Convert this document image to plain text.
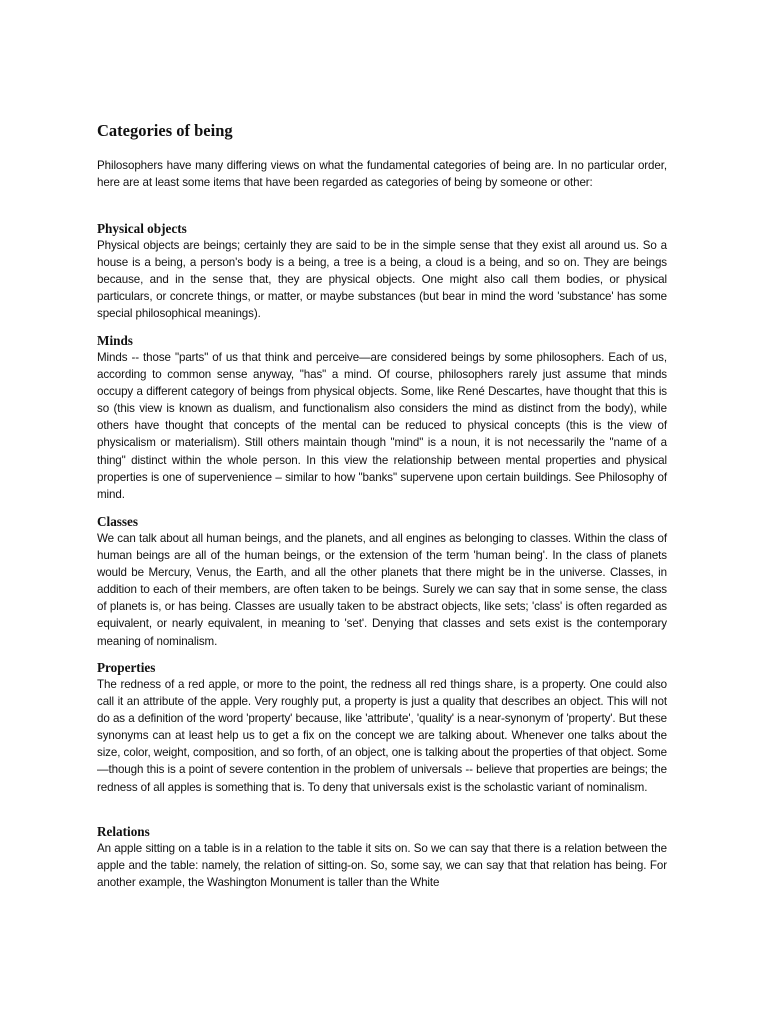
Categories of being

Philosophers have many differing views on what the fundamental categories of being are. In no particular order, here are at least some items that have been regarded as categories of being by someone or other:

Physical objects

Physical objects are beings; certainly they are said to be in the simple sense that they exist all around us. So a house is a being, a person's body is a being, a tree is a being, a cloud is a being, and so on. They are beings because, and in the sense that, they are physical objects. One might also call them bodies, or physical particulars, or concrete things, or matter, or maybe substances (but bear in mind the word 'substance' has some special philosophical meanings).

Minds

Minds -- those "parts" of us that think and perceive—are considered beings by some philosophers. Each of us, according to common sense anyway, "has" a mind. Of course, philosophers rarely just assume that minds occupy a different category of beings from physical objects. Some, like René Descartes, have thought that this is so (this view is known as dualism, and functionalism also considers the mind as distinct from the body), while others have thought that concepts of the mental can be reduced to physical concepts (this is the view of physicalism or materialism). Still others maintain though "mind" is a noun, it is not necessarily the "name of a thing" distinct within the whole person. In this view the relationship between mental properties and physical properties is one of supervenience – similar to how "banks" supervene upon certain buildings. See Philosophy of mind.

Classes

We can talk about all human beings, and the planets, and all engines as belonging to classes. Within the class of human beings are all of the human beings, or the extension of the term 'human being'. In the class of planets would be Mercury, Venus, the Earth, and all the other planets that there might be in the universe. Classes, in addition to each of their members, are often taken to be beings. Surely we can say that in some sense, the class of planets is, or has being. Classes are usually taken to be abstract objects, like sets; 'class' is often regarded as equivalent, or nearly equivalent, in meaning to 'set'. Denying that classes and sets exist is the contemporary meaning of nominalism.

Properties

The redness of a red apple, or more to the point, the redness all red things share, is a property. One could also call it an attribute of the apple. Very roughly put, a property is just a quality that describes an object. This will not do as a definition of the word 'property' because, like 'attribute', 'quality' is a near-synonym of 'property'. But these synonyms can at least help us to get a fix on the concept we are talking about. Whenever one talks about the size, color, weight, composition, and so forth, of an object, one is talking about the properties of that object. Some—though this is a point of severe contention in the problem of universals -- believe that properties are beings; the redness of all apples is something that is. To deny that universals exist is the scholastic variant of nominalism.

Relations

An apple sitting on a table is in a relation to the table it sits on. So we can say that there is a relation between the apple and the table: namely, the relation of sitting-on. So, some say, we can say that that relation has being. For another example, the Washington Monument is taller than the White
